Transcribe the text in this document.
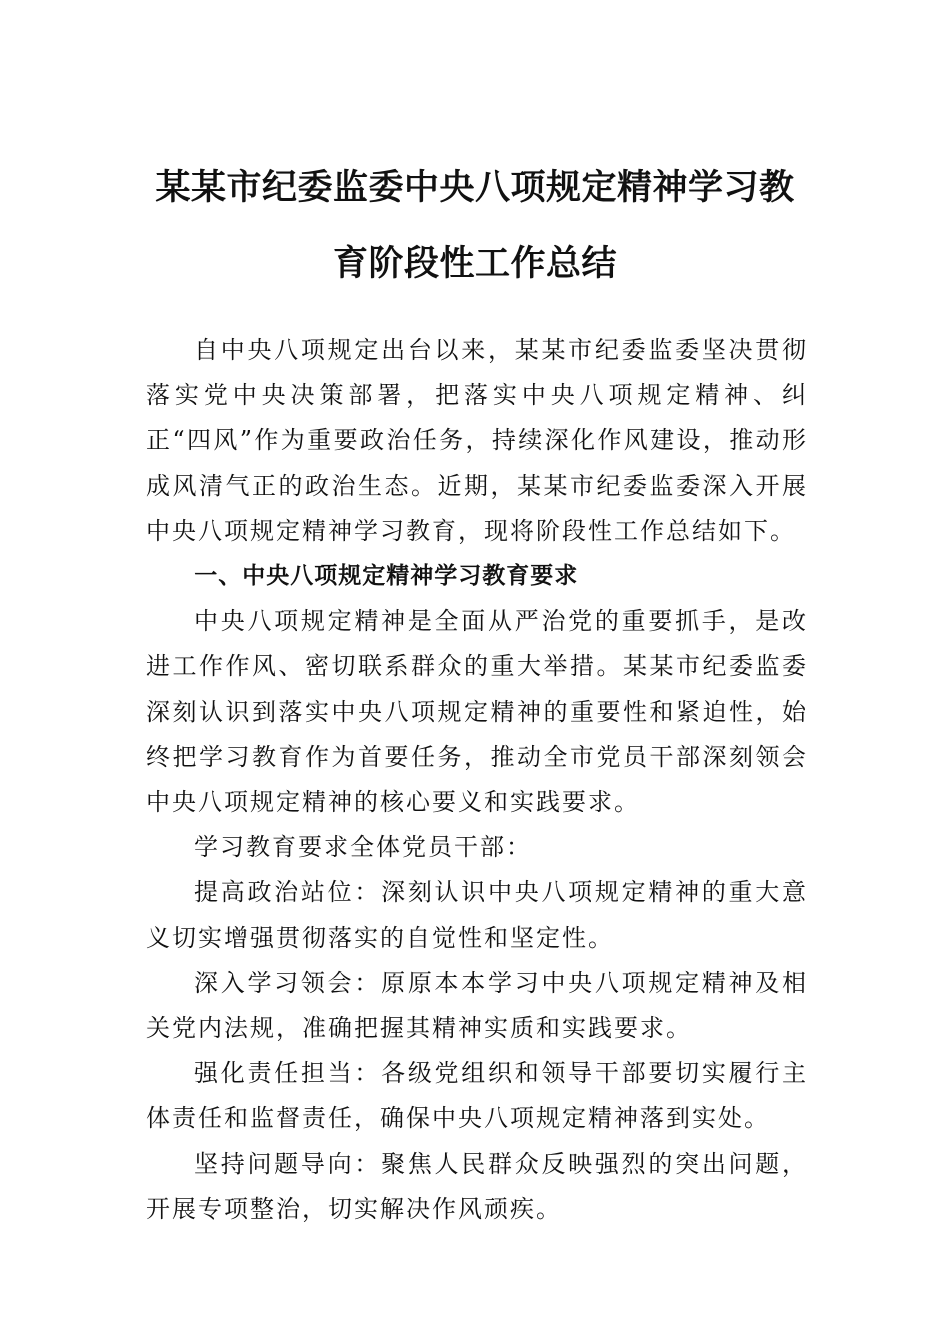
某某市纪委监委中央八项规定精神学习教育阶段性工作总结

自中央八项规定出台以来，某某市纪委监委坚决贯彻落实党中央决策部署，把落实中央八项规定精神、纠正“四风”作为重要政治任务，持续深化作风建设，推动形成风清气正的政治生态。近期，某某市纪委监委深入开展中央八项规定精神学习教育，现将阶段性工作总结如下。

一、中央八项规定精神学习教育要求

中央八项规定精神是全面从严治党的重要抓手，是改进工作作风、密切联系群众的重大举措。某某市纪委监委深刻认识到落实中央八项规定精神的重要性和紧迫性，始终把学习教育作为首要任务，推动全市党员干部深刻领会中央八项规定精神的核心要义和实践要求。

学习教育要求全体党员干部：

提高政治站位：深刻认识中央八项规定精神的重大意义切实增强贯彻落实的自觉性和坚定性。

深入学习领会：原原本本学习中央八项规定精神及相关党内法规，准确把握其精神实质和实践要求。

强化责任担当：各级党组织和领导干部要切实履行主体责任和监督责任，确保中央八项规定精神落到实处。

坚持问题导向：聚焦人民群众反映强烈的突出问题，开展专项整治，切实解决作风顽疾。
